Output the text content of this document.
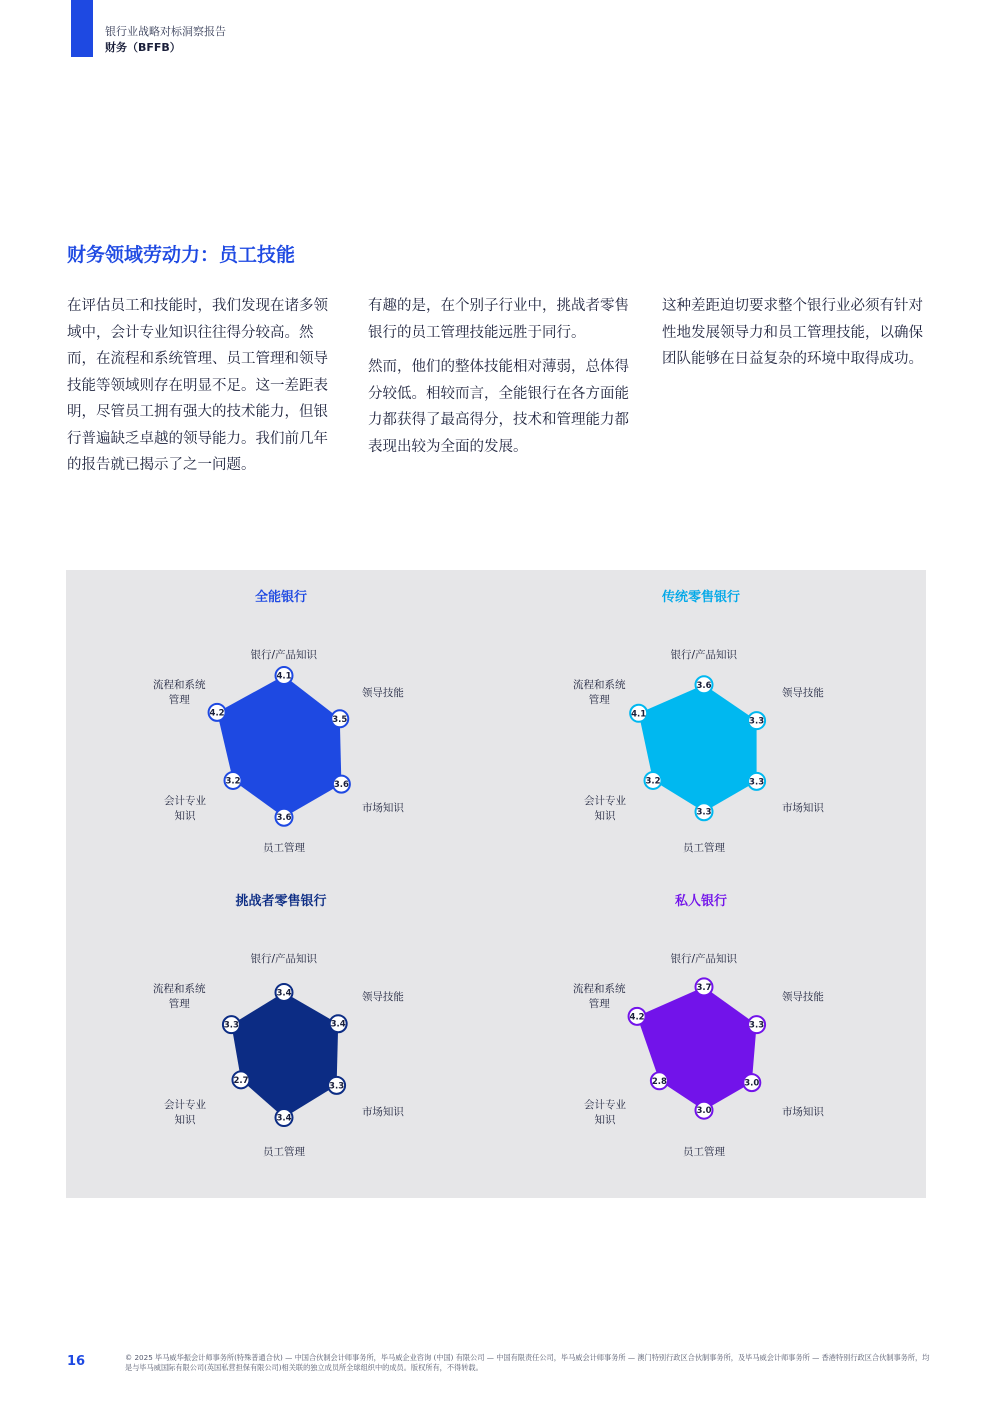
银行业战略对标洞察报告
财务（BFFB）
财务领域劳动力：员工技能

在评估员工和技能时，我们发现在诸多领域中，会计专业知识往往得分较高。然而，在流程和系统管理、员工管理和领导技能等领域则存在明显不足。这一差距表明，尽管员工拥有强大的技术能力，但银行普遍缺乏卓越的领导能力。我们前几年的报告就已揭示了之一问题。

有趣的是，在个别子行业中，挑战者零售银行的员工管理技能远胜于同行。

然而，他们的整体技能相对薄弱，总体得分较低。相较而言，全能银行在各方面能力都获得了最高得分，技术和管理能力都表现出较为全面的发展。

这种差距迫切要求整个银行业必须有针对性地发展领导力和员工管理技能，以确保团队能够在日益复杂的环境中取得成功。

全能银行
4.1
3.5
3.6
3.6
3.2
4.2
银行/产品知识
领导技能
市场知识
员工管理
会计专业
知识
流程和系统
管理
传统零售银行
3.6
3.3
3.3
3.3
3.2
4.1
银行/产品知识
领导技能
市场知识
员工管理
会计专业
知识
流程和系统
管理
挑战者零售银行
3.4
3.4
3.3
3.4
2.7
3.3
银行/产品知识
领导技能
市场知识
员工管理
会计专业
知识
流程和系统
管理
私人银行
3.7
3.3
3.0
3.0
2.8
4.2
银行/产品知识
领导技能
市场知识
员工管理
会计专业
知识
流程和系统
管理
16	© 2025 毕马威华振会计师事务所(特殊普通合伙) — 中国合伙制会计师事务所，毕马威企业咨询 (中国) 有限公司 — 中国有限责任公司，毕马威会计师事务所 — 澳门特别行政区合伙制事务所，及毕马威会计师事务所 — 香港特别行政区合伙制事务所，均是与毕马威国际有限公司(英国私营担保有限公司)相关联的独立成员所全球组织中的成员。版权所有，不得转载。
